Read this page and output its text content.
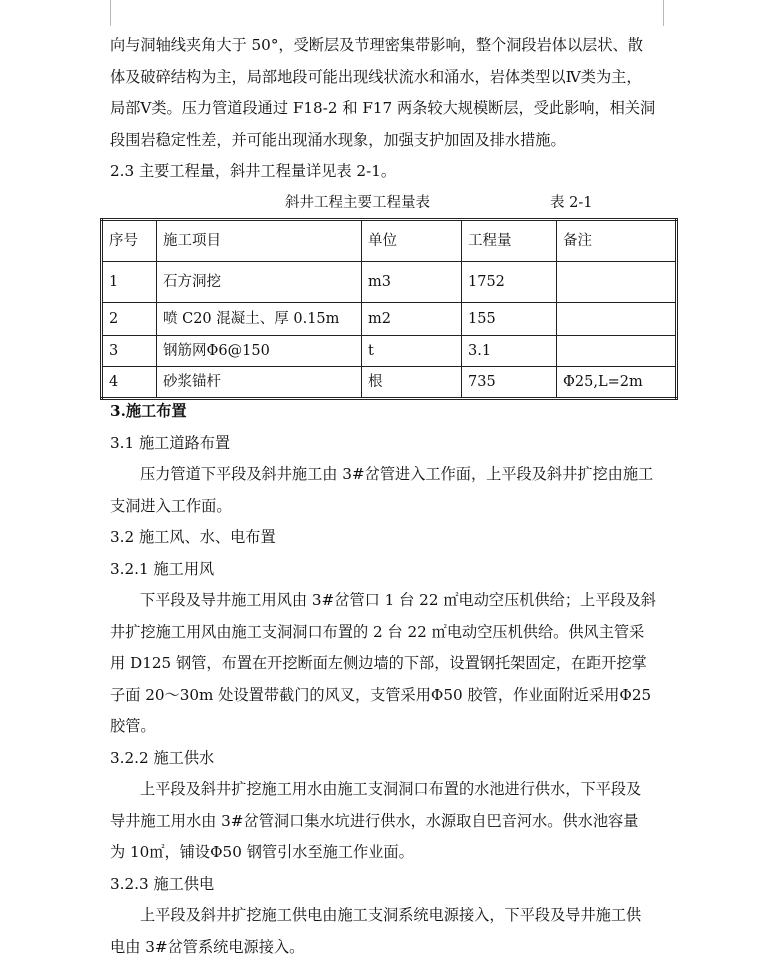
向与洞轴线夹角大于 50°，受断层及节理密集带影响，整个洞段岩体以层状、散

体及破碎结构为主，局部地段可能出现线状流水和涌水，岩体类型以Ⅳ类为主，

局部Ⅴ类。压力管道段通过 F18-2 和 F17 两条较大规模断层，受此影响，相关洞

段围岩稳定性差，并可能出现涌水现象，加强支护加固及排水措施。

2.3 主要工程量，斜井工程量详见表 2-1。

斜井工程主要工程量表	表 2-1
序号	施工项目	单位	工程量	备注
1	石方洞挖	m3	1752	
2	喷 C20 混凝土、厚 0.15m	m2	155	
3	钢筋网Φ6@150	t	3.1	
4	砂浆锚杆	根	735	Φ25,L=2m

3.施工布置

3.1 施工道路布置

压力管道下平段及斜井施工由 3#岔管进入工作面，上平段及斜井扩挖由施工

支洞进入工作面。

3.2 施工风、水、电布置

3.2.1 施工用风

下平段及导井施工用风由 3#岔管口 1 台 22 ㎡电动空压机供给；上平段及斜

井扩挖施工用风由施工支洞洞口布置的 2 台 22 ㎡电动空压机供给。供风主管采

用 D125 钢管，布置在开挖断面左侧边墙的下部，设置钢托架固定，在距开挖掌

子面 20～30m 处设置带截门的风叉，支管采用Φ50 胶管，作业面附近采用Φ25

胶管。

3.2.2 施工供水

上平段及斜井扩挖施工用水由施工支洞洞口布置的水池进行供水，下平段及

导井施工用水由 3#岔管洞口集水坑进行供水，水源取自巴音河水。供水池容量

为 10㎡，铺设Φ50 钢管引水至施工作业面。

3.2.3 施工供电

上平段及斜井扩挖施工供电由施工支洞系统电源接入，下平段及导井施工供

电由 3#岔管系统电源接入。
